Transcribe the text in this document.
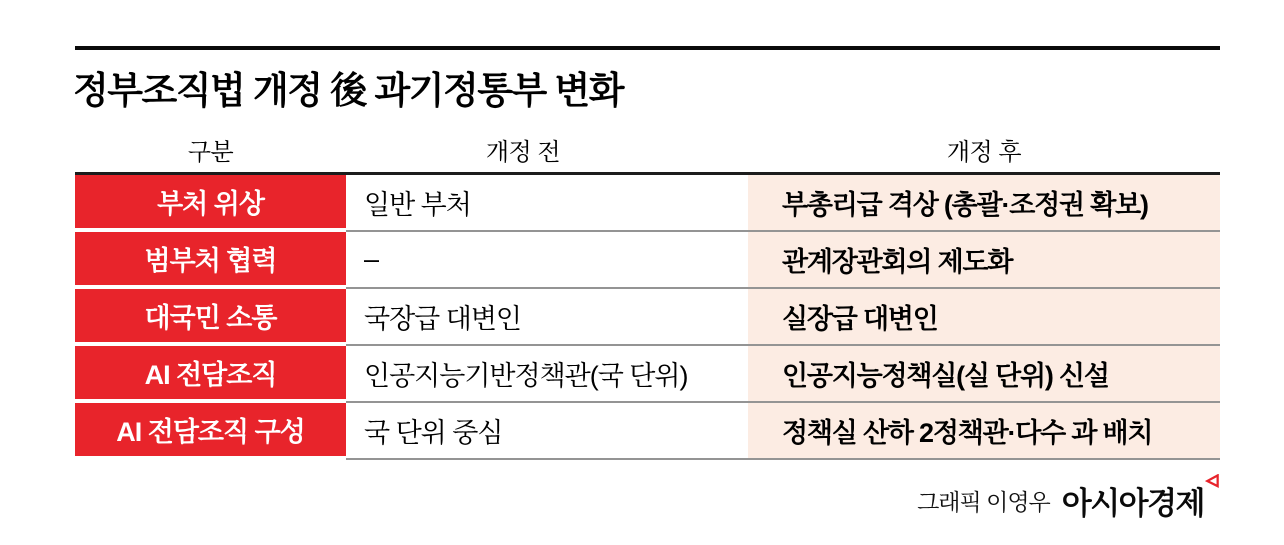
정부조직법 개정 後 과기정통부 변화
구분	개정 전	개정 후
부처 위상	일반 부처	부총리급 격상 (총괄·조정권 확보)
범부처 협력	–	관계장관회의 제도화
대국민 소통	국장급 대변인	실장급 대변인
AI 전담조직	인공지능기반정책관(국 단위)	인공지능정책실(실 단위) 신설
AI 전담조직 구성	국 단위 중심	정책실 산하 2정책관·다수 과 배치
그래픽 이영우 아시아경제
